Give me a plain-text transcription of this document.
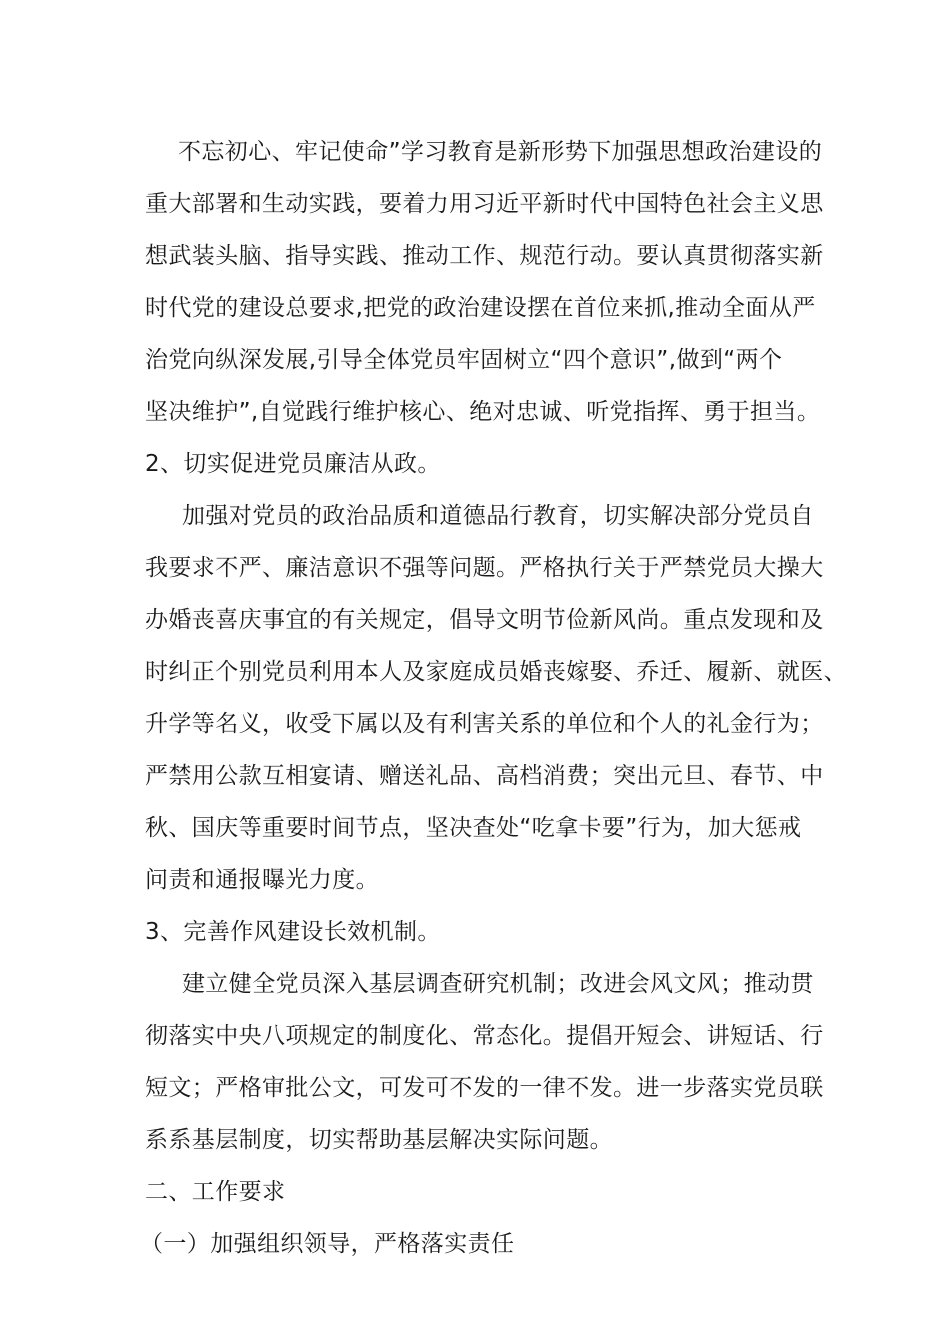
不忘初心、牢记使命”学习教育是新形势下加强思想政治建设的
重大部署和生动实践，要着力用习近平新时代中国特色社会主义思
想武装头脑、指导实践、推动工作、规范行动。要认真贯彻落实新
时代党的建设总要求,把党的政治建设摆在首位来抓,推动全面从严
治党向纵深发展,引导全体党员牢固树立“四个意识”,做到“两个
坚决维护”,自觉践行维护核心、绝对忠诚、听党指挥、勇于担当。
2、切实促进党员廉洁从政。
加强对党员的政治品质和道德品行教育，切实解决部分党员自
我要求不严、廉洁意识不强等问题。严格执行关于严禁党员大操大
办婚丧喜庆事宜的有关规定，倡导文明节俭新风尚。重点发现和及
时纠正个别党员利用本人及家庭成员婚丧嫁娶、乔迁、履新、就医、
升学等名义，收受下属以及有利害关系的单位和个人的礼金行为；
严禁用公款互相宴请、赠送礼品、高档消费；突出元旦、春节、中
秋、国庆等重要时间节点，坚决查处“吃拿卡要”行为，加大惩戒
问责和通报曝光力度。
3、完善作风建设长效机制。
建立健全党员深入基层调查研究机制；改进会风文风；推动贯
彻落实中央八项规定的制度化、常态化。提倡开短会、讲短话、行
短文；严格审批公文，可发可不发的一律不发。进一步落实党员联
系系基层制度，切实帮助基层解决实际问题。
二、工作要求
（一）加强组织领导，严格落实责任
